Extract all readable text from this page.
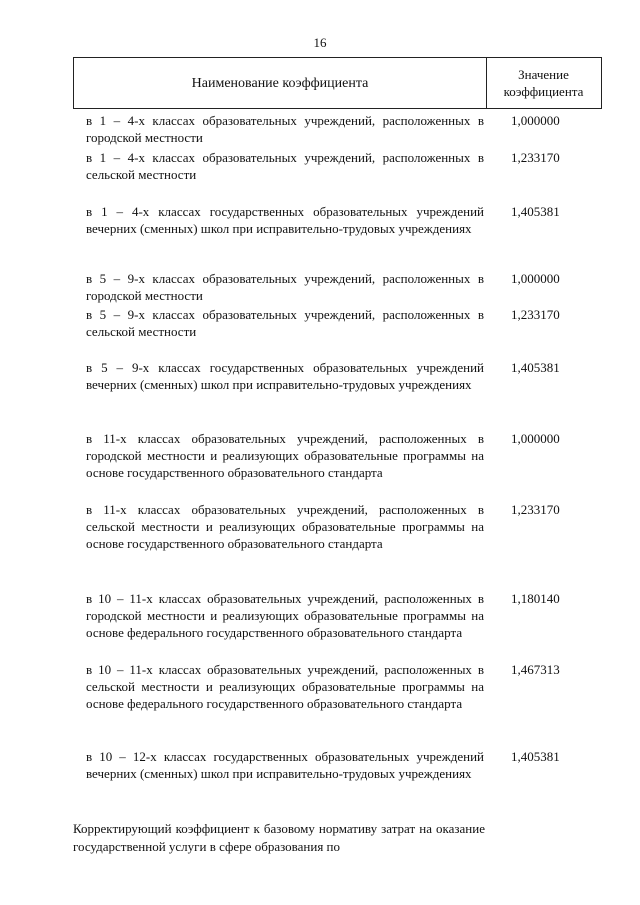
16
Наименование коэффициента
Значение
коэффициента
в 1 – 4-х классах образовательных учреждений, расположенных в городской местности
1,000000
в 1 – 4-х классах образовательных учреждений, расположенных в сельской местности
1,233170
в 1 – 4-х классах государственных образовательных учреждений вечерних (сменных) школ при исправительно-трудовых учреждениях
1,405381
в 5 – 9-х классах образовательных учреждений, расположенных в городской местности
1,000000
в 5 – 9-х классах образовательных учреждений, расположенных в сельской местности
1,233170
в 5 – 9-х классах государственных образовательных учреждений вечерних (сменных) школ при исправительно-трудовых учреждениях
1,405381
в 11-х классах образовательных учреждений, расположенных в городской местности и реализующих образовательные программы на основе государственного образовательного стандарта
1,000000
в 11-х классах образовательных учреждений, расположенных в сельской местности и реализующих образовательные программы на основе государственного образовательного стандарта
1,233170
в 10 – 11-х классах образовательных учреждений, расположенных в городской местности и реализующих образовательные программы на основе федерального государственного образовательного стандарта
1,180140
в 10 – 11-х классах образовательных учреждений, расположенных в сельской местности и реализующих образовательные программы на основе федерального государственного образовательного стандарта
1,467313
в 10 – 12-х классах государственных образовательных учреждений вечерних (сменных) школ при исправительно-трудовых учреждениях
1,405381
Корректирующий коэффициент к базовому нормативу затрат на оказание государственной услуги в сфере образования по
